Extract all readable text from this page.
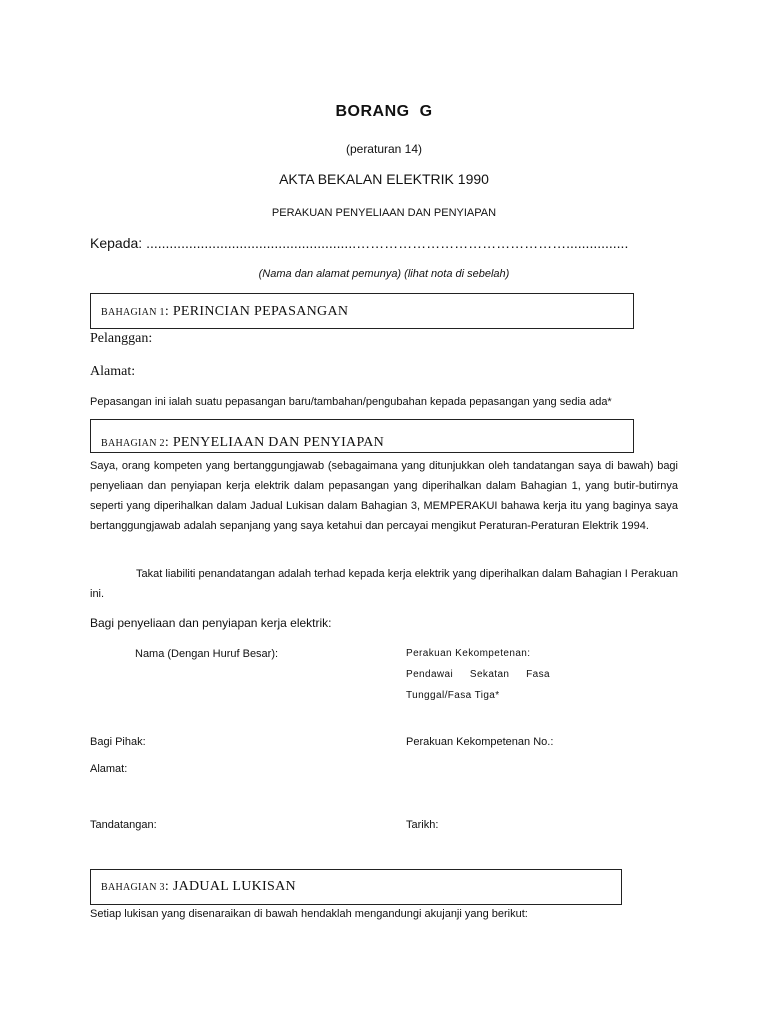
BORANG G
(peraturan 14)
AKTA BEKALAN ELEKTRIK 1990
PERAKUAN PENYELIAAN DAN PENYIAPAN
Kepada: ......................................................………………………………………................
(Nama dan alamat pemunya) (lihat nota di sebelah)
BAHAGIAN 1: PERINCIAN PEPASANGAN
Pelanggan:
Alamat:
Pepasangan ini ialah suatu pepasangan baru/tambahan/pengubahan kepada pepasangan yang sedia ada*
BAHAGIAN 2: PENYELIAAN DAN PENYIAPAN

Saya, orang kompeten yang bertanggungjawab (sebagaimana yang ditunjukkan oleh tandatangan saya di bawah) bagi penyeliaan dan penyiapan kerja elektrik dalam pepasangan yang diperihalkan dalam Bahagian 1, yang butir-butirnya seperti yang diperihalkan dalam Jadual Lukisan dalam Bahagian 3, MEMPERAKUI bahawa kerja itu yang baginya saya bertanggungjawab adalah sepanjang yang saya ketahui dan percayai mengikut Peraturan-Peraturan Elektrik 1994.

Takat liabiliti penandatangan adalah terhad kepada kerja elektrik yang diperihalkan dalam Bahagian I Perakuan ini.

Bagi penyeliaan dan penyiapan kerja elektrik:
Nama (Dengan Huruf Besar):	Perakuan Kekompetenan:
Pendawai Sekatan Fasa
Tunggal/Fasa Tiga*
Bagi Pihak:	Perakuan Kekompetenan No.:
Alamat:
Tandatangan:	Tarikh:
BAHAGIAN 3: JADUAL LUKISAN
Setiap lukisan yang disenaraikan di bawah hendaklah mengandungi akujanji yang berikut:
